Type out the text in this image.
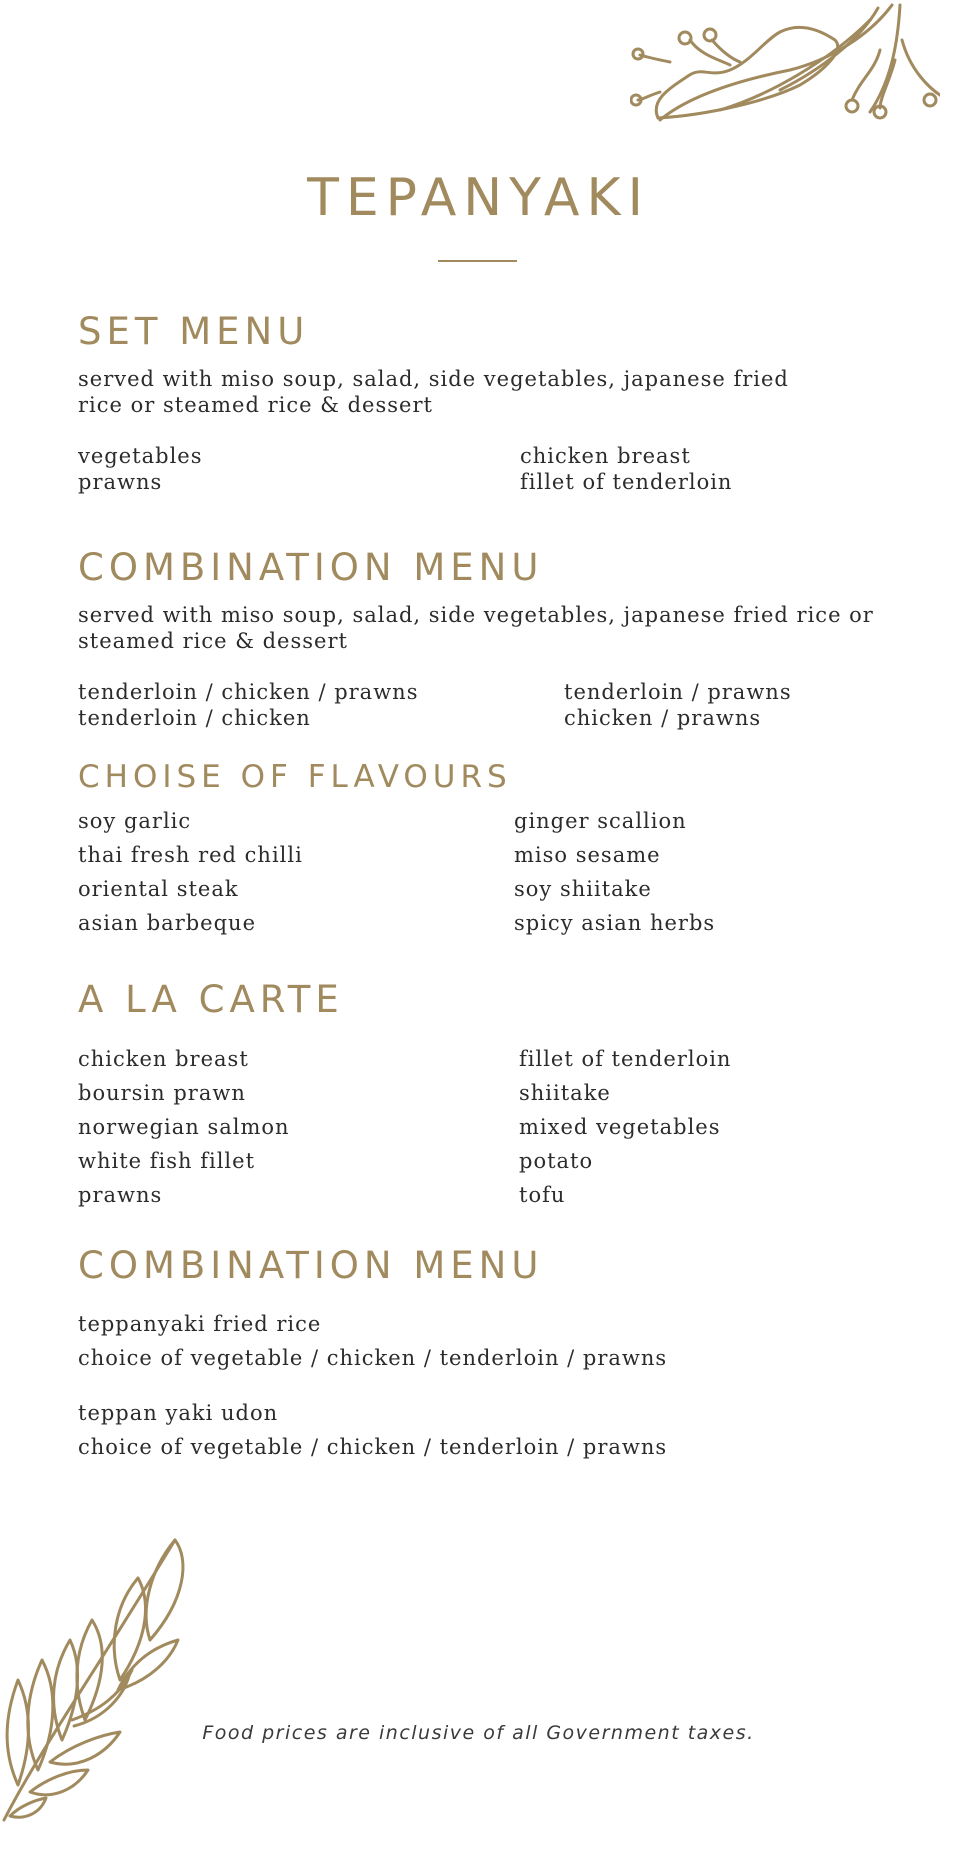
TEPANYAKI
SET MENU

served with miso soup, salad, side vegetables, japanese fried rice or steamed rice & dessert

vegetables
prawns
chicken breast
fillet of tenderloin
COMBINATION MENU

served with miso soup, salad, side vegetables, japanese fried rice or steamed rice & dessert

tenderloin / chicken / prawns
tenderloin / chicken
tenderloin / prawns
chicken / prawns
CHOISE OF FLAVOURS
soy garlic
thai fresh red chilli
oriental steak
asian barbeque
ginger scallion
miso sesame
soy shiitake
spicy asian herbs
A LA CARTE
chicken breast
boursin prawn
norwegian salmon
white fish fillet
prawns
fillet of tenderloin
shiitake
mixed vegetables
potato
tofu
COMBINATION MENU
teppanyaki fried rice
choice of vegetable / chicken / tenderloin / prawns
teppan yaki udon
choice of vegetable / chicken / tenderloin / prawns
Food prices are inclusive of all Government taxes.
